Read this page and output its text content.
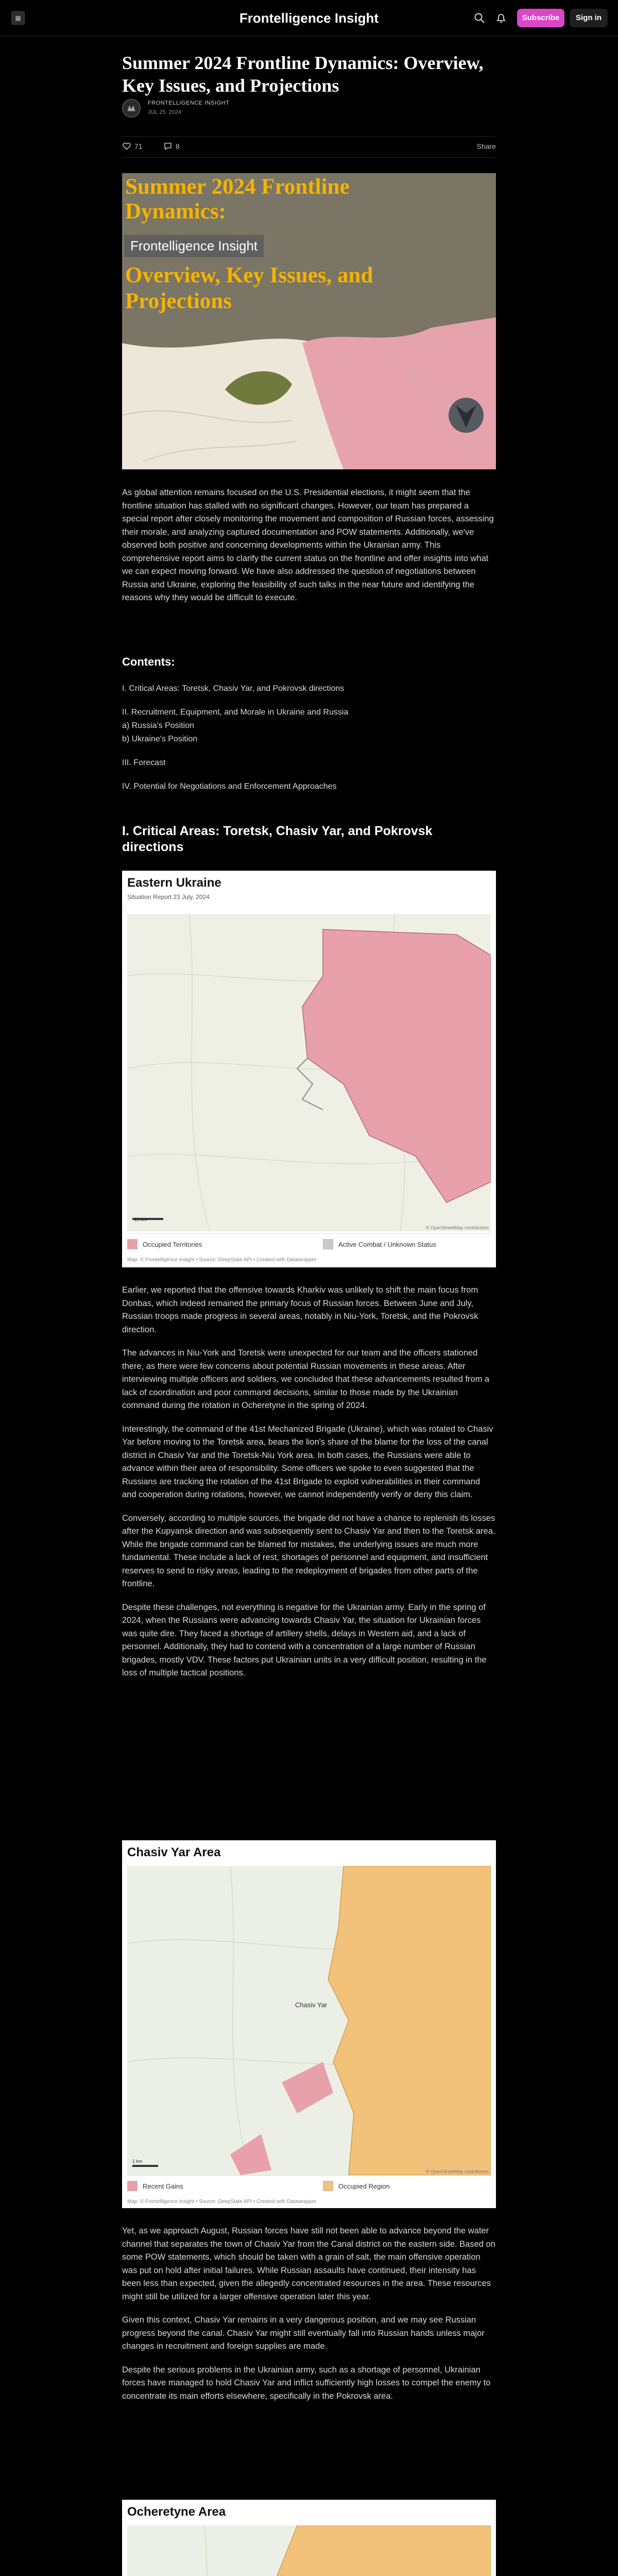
▦	Frontelligence Insight	Subscribe	Sign in
Summer 2024 Frontline Dynamics: Overview, Key Issues, and Projections
FRONTELLIGENCE INSIGHT
JUL 25, 2024
71	8	Share
Summer 2024 Frontline
Dynamics:
Frontelligence Insight
Overview, Key Issues, and
Projections

As global attention remains focused on the U.S. Presidential elections, it might seem that the frontline situation has stalled with no significant changes. However, our team has prepared a special report after closely monitoring the movement and composition of Russian forces, assessing their morale, and analyzing captured documentation and POW statements. Additionally, we've observed both positive and concerning developments within the Ukrainian army. This comprehensive report aims to clarify the current status on the frontline and offer insights into what we can expect moving forward. We have also addressed the question of negotiations between Russia and Ukraine, exploring the feasibility of such talks in the near future and identifying the reasons why they would be difficult to execute.

Contents:
I. Critical Areas: Toretsk, Chasiv Yar, and Pokrovsk directions
II. Recruitment, Equipment, and Morale in Ukraine and Russia
a) Russia's Position
b) Ukraine's Position
III. Forecast
IV. Potential for Negotiations and Enforcement Approaches
I. Critical Areas: Toretsk, Chasiv Yar, and Pokrovsk directions
Eastern Ukraine
Situation Report 23 July, 2024
20 km
© OpenStreetMap contributors
Occupied Territories	Active Combat / Unknown Status
Map: © Frontelligence Insight • Source: DeepState API • Created with Datawrapper

Earlier, we reported that the offensive towards Kharkiv was unlikely to shift the main focus from Donbas, which indeed remained the primary focus of Russian forces. Between June and July, Russian troops made progress in several areas, notably in Niu-York, Toretsk, and the Pokrovsk direction.

The advances in Niu-York and Toretsk were unexpected for our team and the officers stationed there, as there were few concerns about potential Russian movements in these areas. After interviewing multiple officers and soldiers, we concluded that these advancements resulted from a lack of coordination and poor command decisions, similar to those made by the Ukrainian command during the rotation in Ocheretyne in the spring of 2024.

Interestingly, the command of the 41st Mechanized Brigade (Ukraine), which was rotated to Chasiv Yar before moving to the Toretsk area, bears the lion's share of the blame for the loss of the canal district in Chasiv Yar and the Toretsk-Niu York area. In both cases, the Russians were able to advance within their area of responsibility. Some officers we spoke to even suggested that the Russians are tracking the rotation of the 41st Brigade to exploit vulnerabilities in their command and cooperation during rotations, however, we cannot independently verify or deny this claim.

Conversely, according to multiple sources, the brigade did not have a chance to replenish its losses after the Kupyansk direction and was subsequently sent to Chasiv Yar and then to the Toretsk area. While the brigade command can be blamed for mistakes, the underlying issues are much more fundamental. These include a lack of rest, shortages of personnel and equipment, and insufficient reserves to send to risky areas, leading to the redeployment of brigades from other parts of the frontline.

Despite these challenges, not everything is negative for the Ukrainian army. Early in the spring of 2024, when the Russians were advancing towards Chasiv Yar, the situation for Ukrainian forces was quite dire. They faced a shortage of artillery shells, delays in Western aid, and a lack of personnel. Additionally, they had to contend with a concentration of a large number of Russian brigades, mostly VDV. These factors put Ukrainian units in a very difficult position, resulting in the loss of multiple tactical positions.

Chasiv Yar Area
Chasiv Yar
1 km
© OpenStreetMap contributors
Recent Gains	Occupied Region
Map: © Frontelligence Insight • Source: DeepState API • Created with Datawrapper

Yet, as we approach August, Russian forces have still not been able to advance beyond the water channel that separates the town of Chasiv Yar from the Canal district on the eastern side. Based on some POW statements, which should be taken with a grain of salt, the main offensive operation was put on hold after initial failures. While Russian assaults have continued, their intensity has been less than expected, given the allegedly concentrated resources in the area. These resources might still be utilized for a larger offensive operation later this year.

Given this context, Chasiv Yar remains in a very dangerous position, and we may see Russian progress beyond the canal. Chasiv Yar might still eventually fall into Russian hands unless major changes in recruitment and foreign supplies are made.

Despite the serious problems in the Ukrainian army, such as a shortage of personnel, Ukrainian forces have managed to hold Chasiv Yar and inflict sufficiently high losses to compel the enemy to concentrate its main efforts elsewhere, specifically in the Pokrovsk area.

Ocheretyne Area
